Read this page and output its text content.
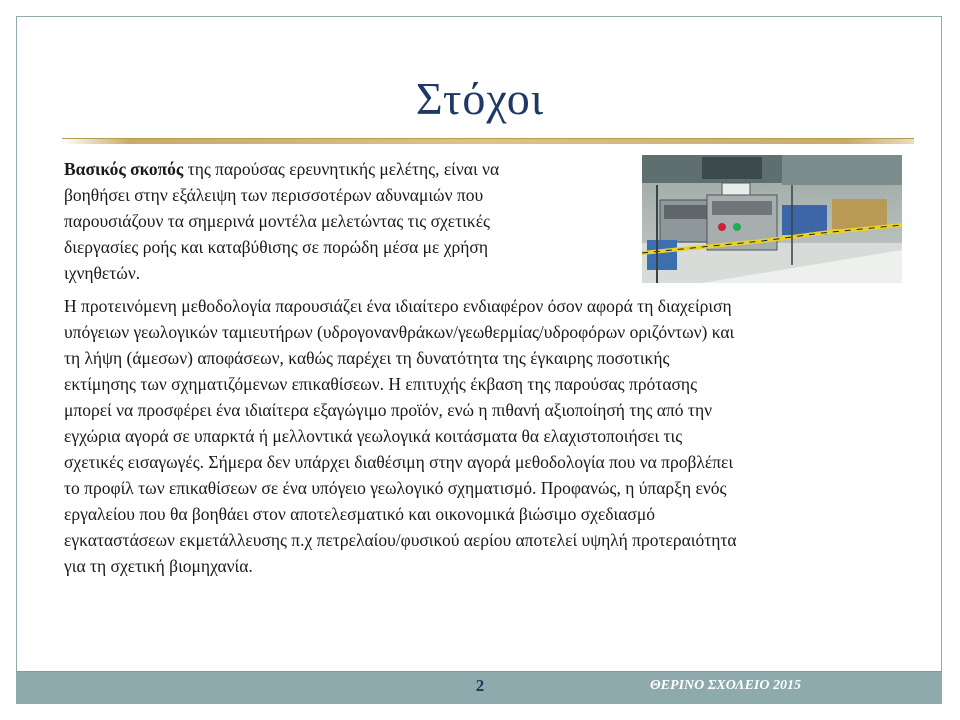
Στόχοι

Βασικός σκοπός της παρούσας ερευνητικής μελέτης, είναι να
βοηθήσει στην εξάλειψη των περισσοτέρων αδυναμιών που
παρουσιάζουν τα σημερινά μοντέλα μελετώντας τις σχετικές
διεργασίες ροής και καταβύθισης σε πορώδη μέσα με χρήση
ιχνηθετών.

Η προτεινόμενη μεθοδολογία παρουσιάζει ένα ιδιαίτερο ενδιαφέρον όσον αφορά τη διαχείριση
υπόγειων γεωλογικών ταμιευτήρων (υδρογονανθράκων/γεωθερμίας/υδροφόρων οριζόντων) και
τη λήψη (άμεσων) αποφάσεων, καθώς παρέχει τη δυνατότητα της έγκαιρης ποσοτικής
εκτίμησης των σχηματιζόμενων επικαθίσεων. Η επιτυχής έκβαση της παρούσας πρότασης
μπορεί να προσφέρει ένα ιδιαίτερα εξαγώγιμο προϊόν, ενώ η πιθανή αξιοποίησή της από την
εγχώρια αγορά σε υπαρκτά ή μελλοντικά γεωλογικά κοιτάσματα θα ελαχιστοποιήσει τις
σχετικές εισαγωγές. Σήμερα δεν υπάρχει διαθέσιμη στην αγορά μεθοδολογία που να προβλέπει
το προφίλ των επικαθίσεων σε ένα υπόγειο γεωλογικό σχηματισμό. Προφανώς, η ύπαρξη ενός
εργαλείου που θα βοηθάει στον αποτελεσματικό και οικονομικά βιώσιμο σχεδιασμό
εγκαταστάσεων εκμετάλλευσης π.χ πετρελαίου/φυσικού αερίου αποτελεί υψηλή προτεραιότητα
για τη σχετική βιομηχανία.

2	ΘΕΡΙΝΟ ΣΧΟΛΕΙΟ 2015
